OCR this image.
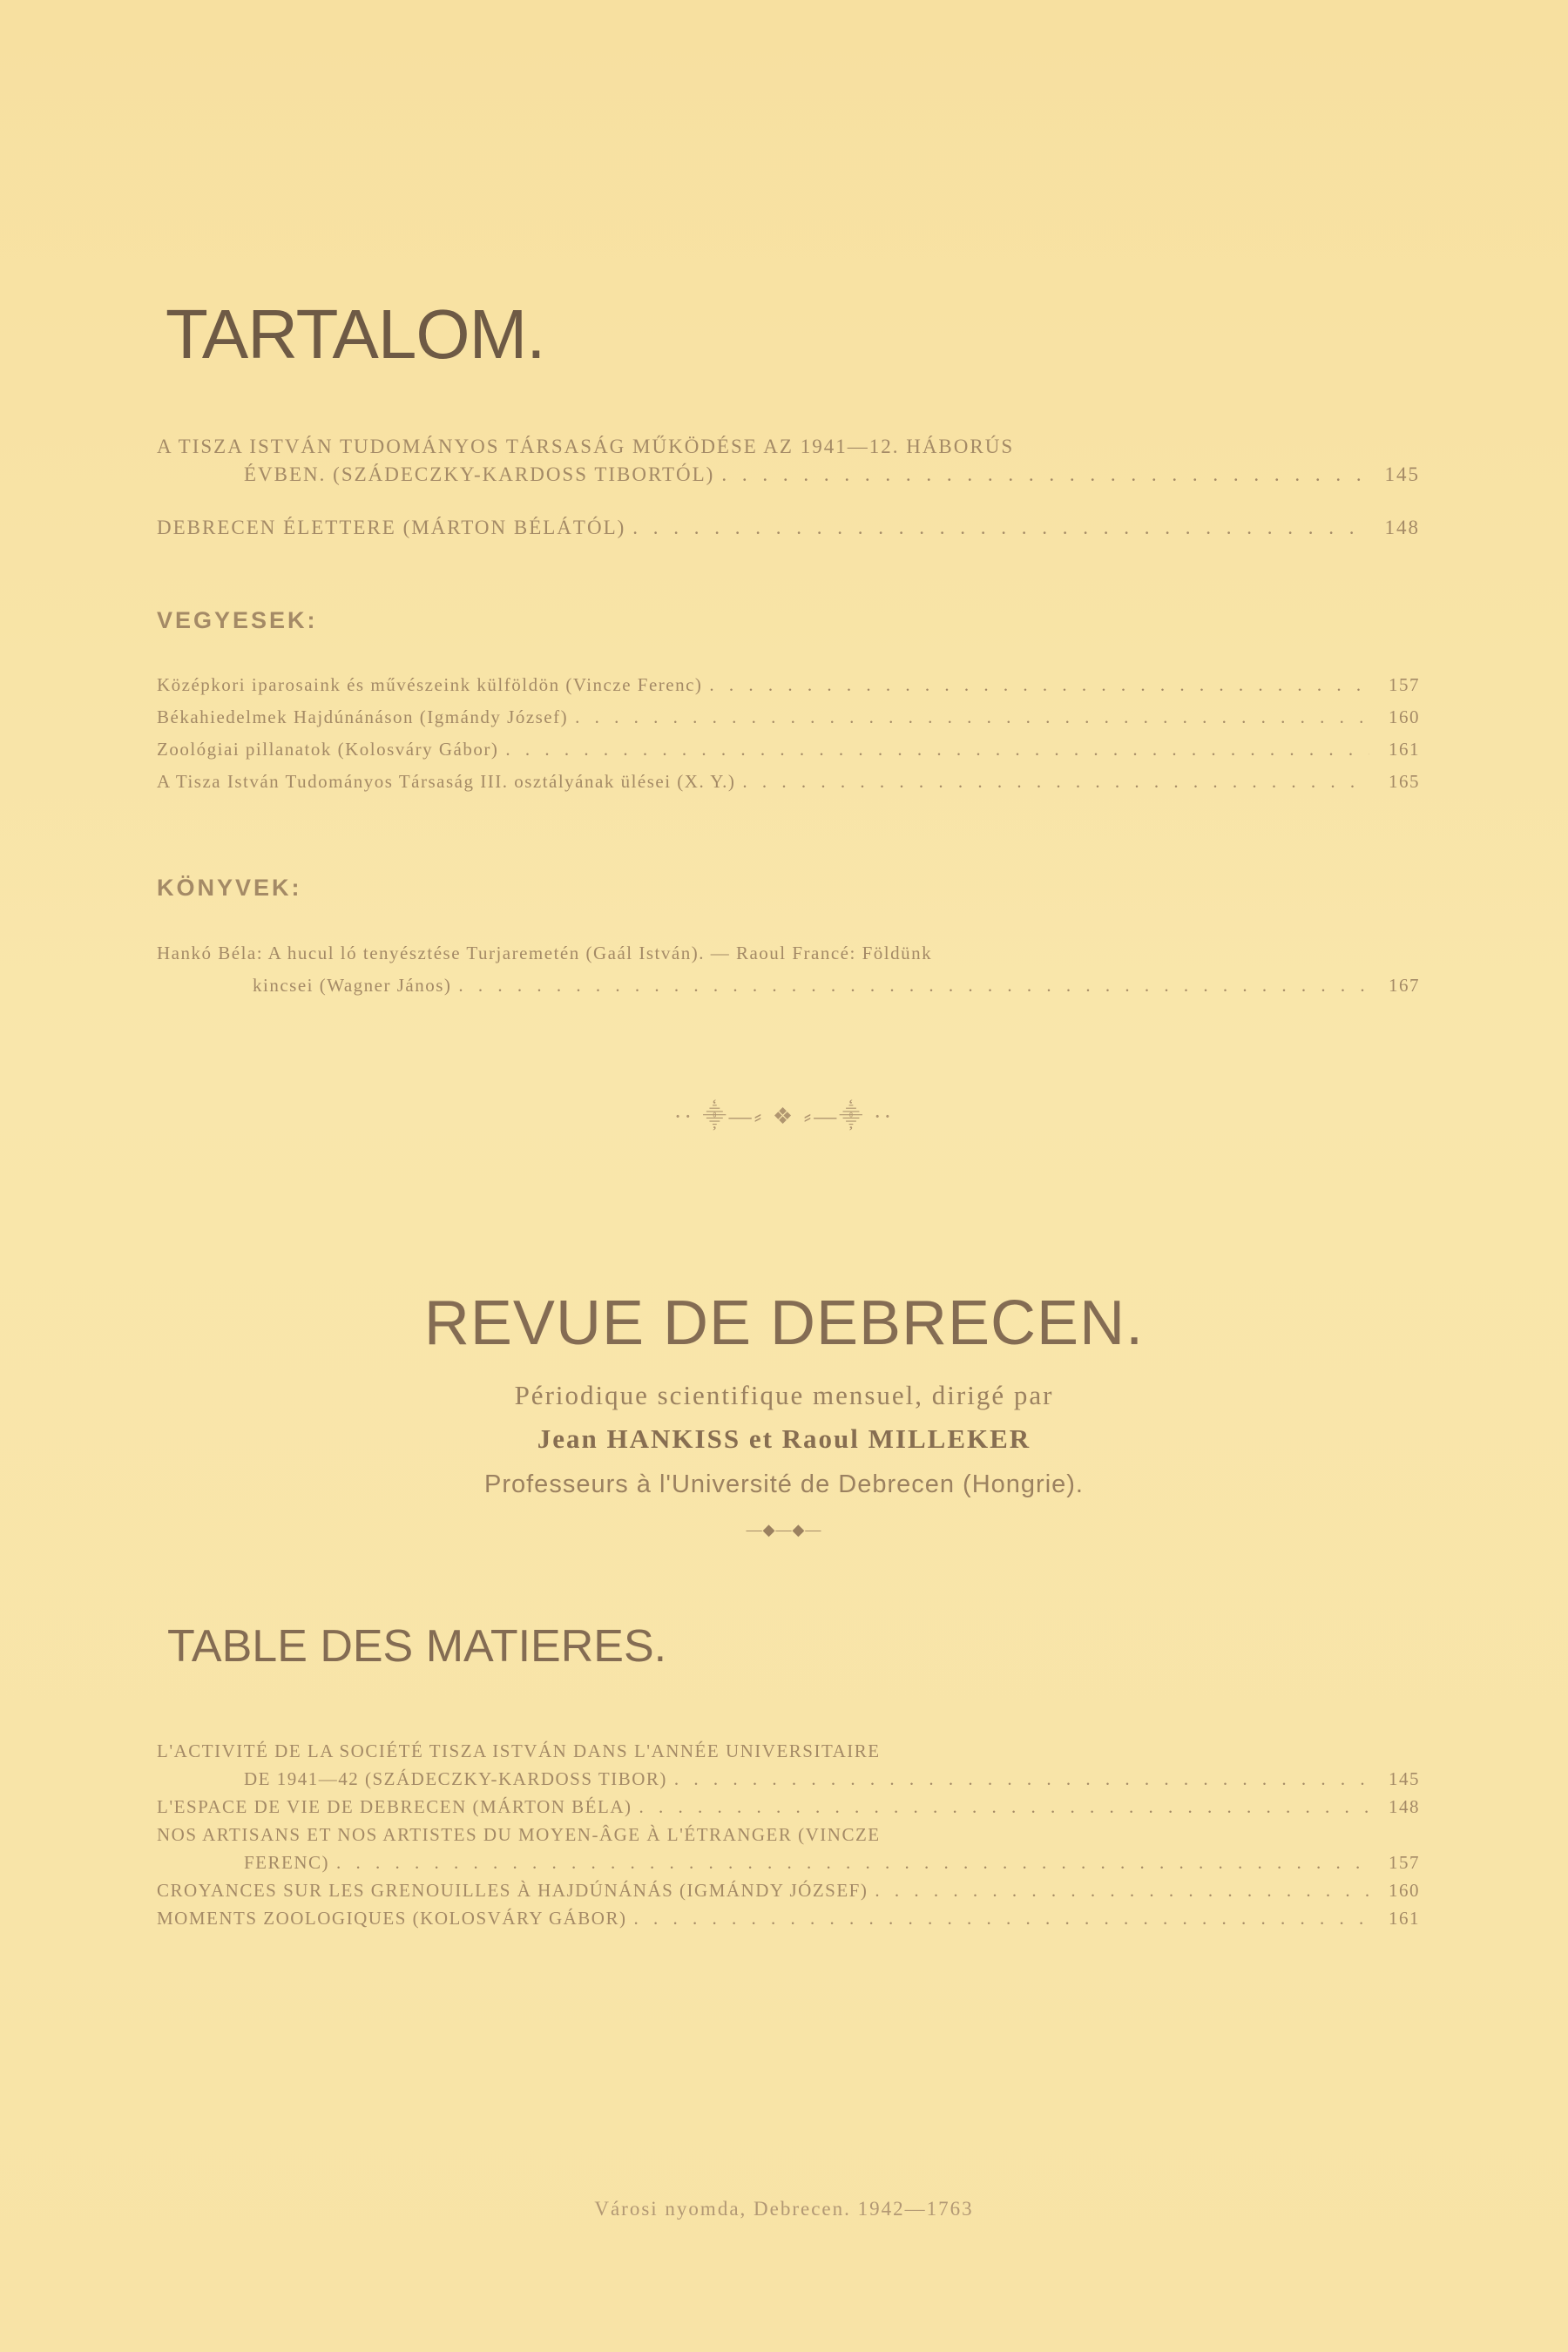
TARTALOM.
A TISZA ISTVÁN TUDOMÁNYOS TÁRSASÁG MŰKÖDÉSE AZ 1941—12. HÁBORÚS
ÉVBEN. (SZÁDECZKY-KARDOSS TIBORTÓL) . . .	145
DEBRECEN ÉLETTERE (MÁRTON BÉLÁTÓL) . . .	148
VEGYESEK:
Középkori iparosaink és művészeink külföldön (Vincze Ferenc) . . .	157
Békahiedelmek Hajdúnánáson (Igmándy József) . . .	160
Zoológiai pillanatok (Kolosváry Gábor) . . .	161
A Tisza István Tudományos Társaság III. osztályának ülései (X. Y.) . . .	165
KÖNYVEK:
Hankó Béla: A hucul ló tenyésztése Turjaremetén (Gaál István). — Raoul Francé: Földünk
kincsei (Wagner János) . . .	167
·· ⸎—⸗ ❖ ⸗—⸎ ··
REVUE DE DEBRECEN.
Périodique scientifique mensuel, dirigé par
Jean HANKISS et Raoul MILLEKER
Professeurs à l'Université de Debrecen (Hongrie).
—◆—◆—
TABLE DES MATIERES.
L'ACTIVITÉ DE LA SOCIÉTÉ TISZA ISTVÁN DANS L'ANNÉE UNIVERSITAIRE
DE 1941—42 (SZÁDECZKY-KARDOSS TIBOR) . . .	145
L'ESPACE DE VIE DE DEBRECEN (MÁRTON BÉLA) . . .	148
NOS ARTISANS ET NOS ARTISTES DU MOYEN-ÂGE À L'ÉTRANGER (VINCZE
FERENC) . . .	157
CROYANCES SUR LES GRENOUILLES À HAJDÚNÁNÁS (IGMÁNDY JÓZSEF) . . .	160
MOMENTS ZOOLOGIQUES (KOLOSVÁRY GÁBOR) . . .	161
Városi nyomda, Debrecen. 1942—1763
